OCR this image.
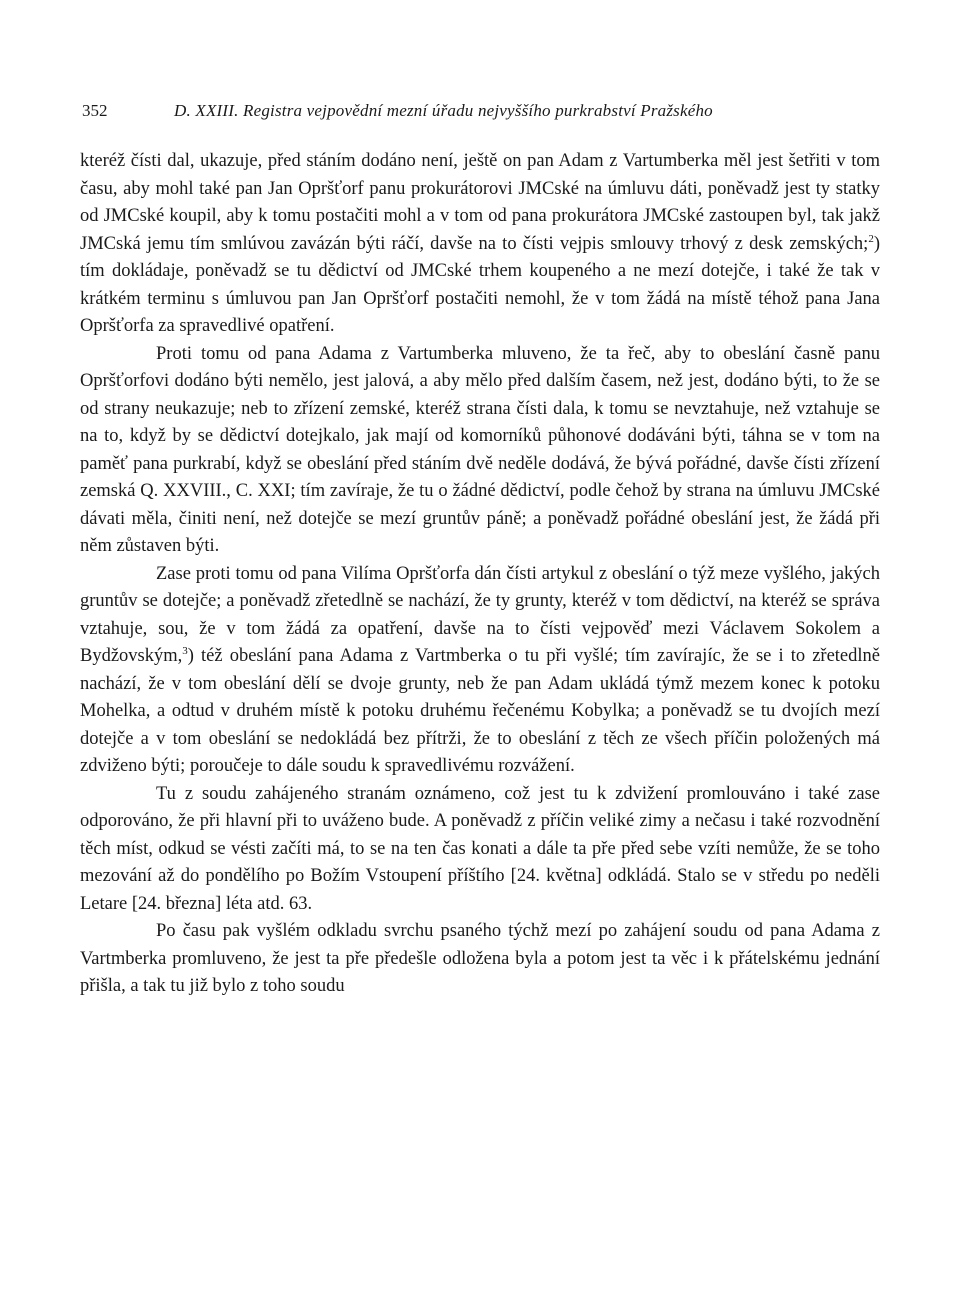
352	D. XXIII. Registra vejpovědní mezní úřadu nejvyššího purkrabství Pražského

kteréž čísti dal, ukazuje, před stáním dodáno není, ještě on pan Adam z Vartumberka měl jest šetřiti v tom času, aby mohl také pan Jan Opršťorf panu prokurátorovi JMCské na úmluvu dáti, poněvadž jest ty statky od JMCské koupil, aby k tomu postačiti mohl a v tom od pana prokurátora JMCské zastoupen byl, tak jakž JMCská jemu tím smlúvou zavázán býti ráčí, davše na to čísti vejpis smlouvy trhový z desk zemských;$^2$) tím dokládaje, poněvadž se tu dědictví od JMCské trhem koupeného a ne mezí dotejče, i také že tak v krátkém terminu s úmluvou pan Jan Opršťorf postačiti nemohl, že v tom žádá na místě téhož pana Jana Opršťorfa za spravedlivé opatření.

Proti tomu od pana Adama z Vartumberka mluveno, že ta řeč, aby to obeslání časně panu Opršťorfovi dodáno býti nemělo, jest jalová, a aby mělo před dalším časem, než jest, dodáno býti, to že se od strany neukazuje; neb to zřízení zemské, kteréž strana čísti dala, k tomu se nevztahuje, než vztahuje se na to, když by se dědictví dotejkalo, jak mají od komorníků půhonové dodáváni býti, táhna se v tom na paměť pana purkrabí, když se obeslání před stáním dvě neděle dodává, že bývá pořádné, davše čísti zřízení zemská Q. XXVIII., C. XXI; tím zavíraje, že tu o žádné dědictví, podle čehož by strana na úmluvu JMCské dávati měla, činiti není, než dotejče se mezí gruntův páně; a poněvadž pořádné obeslání jest, že žádá při něm zůstaven býti.

Zase proti tomu od pana Vilíma Opršťorfa dán čísti artykul z obeslání o týž meze vyšlého, jakých gruntův se dotejče; a poněvadž zřetedlně se nachází, že ty grunty, kteréž v tom dědictví, na kteréž se správa vztahuje, sou, že v tom žádá za opatření, davše na to čísti vejpověď mezi Václavem Sokolem a Bydžovským,$^3$) též obeslání pana Adama z Vartmberka o tu při vyšlé; tím zavírajíc, že se i to zřetedlně nachází, že v tom obeslání dělí se dvoje grunty, neb že pan Adam ukládá týmž mezem konec k potoku Mohelka, a odtud v druhém místě k potoku druhému řečenému Kobylka; a poněvadž se tu dvojích mezí dotejče a v tom obeslání se nedokládá bez přítrži, že to obeslání z těch ze všech příčin položených má zdviženo býti; poroučeje to dále soudu k spravedlivému rozvážení.

Tu z soudu zahájeného stranám oznámeno, což jest tu k zdvižení promlouváno i také zase odporováno, že při hlavní při to uváženo bude. A poněvadž z příčin veliké zimy a nečasu i také rozvodnění těch míst, odkud se vésti začíti má, to se na ten čas konati a dále ta pře před sebe vzíti nemůže, že se toho mezování až do pondělího po Božím Vstoupení příštího [24. května] odkládá. Stalo se v středu po neděli Letare [24. března] léta atd. 63.

Po času pak vyšlém odkladu svrchu psaného týchž mezí po zahájení soudu od pana Adama z Vartmberka promluveno, že jest ta pře předešle odložena byla a potom jest ta věc i k přátelskému jednání přišla, a tak tu již bylo z toho soudu
